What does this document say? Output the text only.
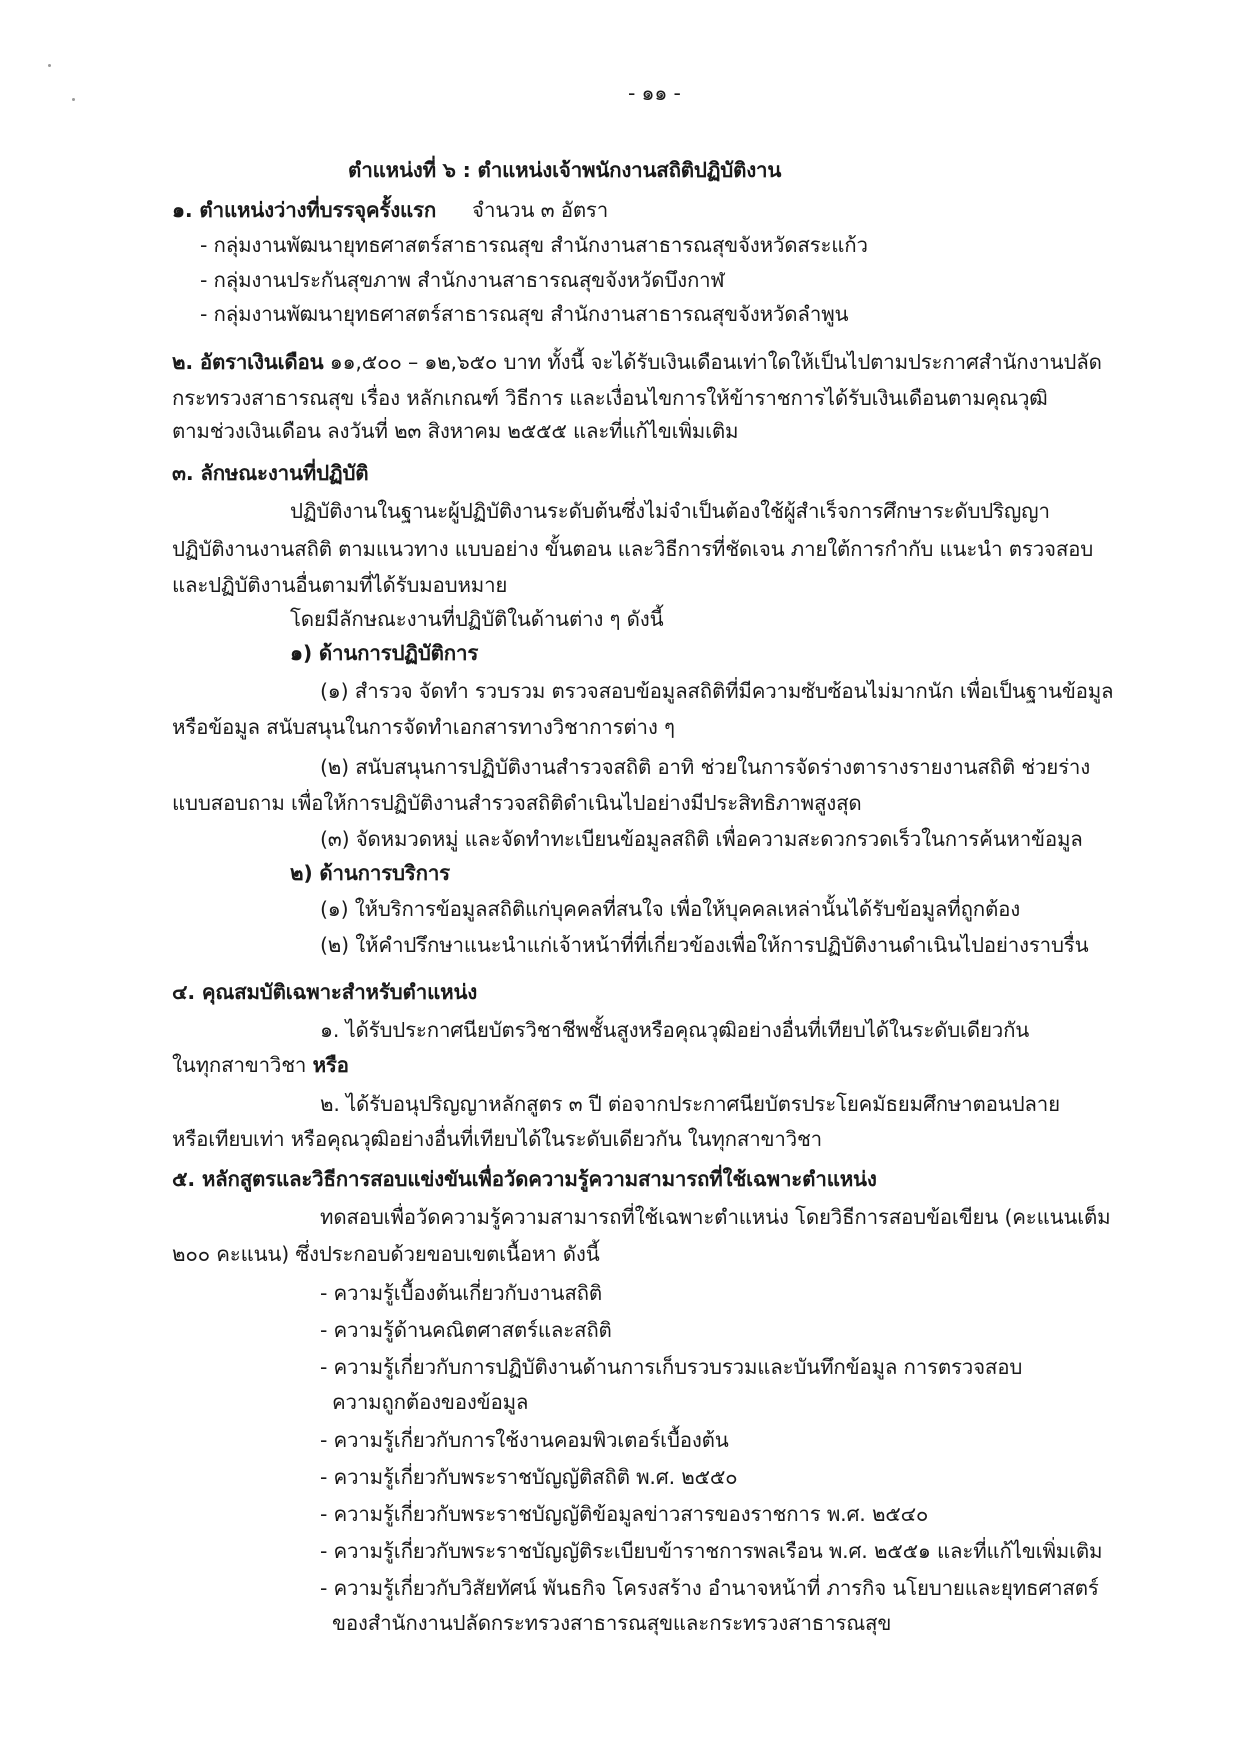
- ๑๑ -
ตำแหน่งที่ ๖ : ตำแหน่งเจ้าพนักงานสถิติปฏิบัติงาน
๑. ตำแหน่งว่างที่บรรจุครั้งแรก จำนวน ๓ อัตรา
- กลุ่มงานพัฒนายุทธศาสตร์สาธารณสุข สำนักงานสาธารณสุขจังหวัดสระแก้ว
- กลุ่มงานประกันสุขภาพ สำนักงานสาธารณสุขจังหวัดบึงกาฬ
- กลุ่มงานพัฒนายุทธศาสตร์สาธารณสุข สำนักงานสาธารณสุขจังหวัดลำพูน
๒. อัตราเงินเดือน ๑๑,๕๐๐ – ๑๒,๖๕๐ บาท ทั้งนี้ จะได้รับเงินเดือนเท่าใดให้เป็นไปตามประกาศสำนักงานปลัด
กระทรวงสาธารณสุข เรื่อง หลักเกณฑ์ วิธีการ และเงื่อนไขการให้ข้าราชการได้รับเงินเดือนตามคุณวุฒิ
ตามช่วงเงินเดือน ลงวันที่ ๒๓ สิงหาคม ๒๕๕๕ และที่แก้ไขเพิ่มเติม
๓. ลักษณะงานที่ปฏิบัติ
ปฏิบัติงานในฐานะผู้ปฏิบัติงานระดับต้นซึ่งไม่จำเป็นต้องใช้ผู้สำเร็จการศึกษาระดับปริญญา
ปฏิบัติงานงานสถิติ ตามแนวทาง แบบอย่าง ขั้นตอน และวิธีการที่ชัดเจน ภายใต้การกำกับ แนะนำ ตรวจสอบ
และปฏิบัติงานอื่นตามที่ได้รับมอบหมาย
โดยมีลักษณะงานที่ปฏิบัติในด้านต่าง ๆ ดังนี้
๑) ด้านการปฏิบัติการ
(๑) สำรวจ จัดทำ รวบรวม ตรวจสอบข้อมูลสถิติที่มีความซับซ้อนไม่มากนัก เพื่อเป็นฐานข้อมูล
หรือข้อมูล สนับสนุนในการจัดทำเอกสารทางวิชาการต่าง ๆ
(๒) สนับสนุนการปฏิบัติงานสำรวจสถิติ อาทิ ช่วยในการจัดร่างตารางรายงานสถิติ ช่วยร่าง
แบบสอบถาม เพื่อให้การปฏิบัติงานสำรวจสถิติดำเนินไปอย่างมีประสิทธิภาพสูงสุด
(๓) จัดหมวดหมู่ และจัดทำทะเบียนข้อมูลสถิติ เพื่อความสะดวกรวดเร็วในการค้นหาข้อมูล
๒) ด้านการบริการ
(๑) ให้บริการข้อมูลสถิติแก่บุคคลที่สนใจ เพื่อให้บุคคลเหล่านั้นได้รับข้อมูลที่ถูกต้อง
(๒) ให้คำปรึกษาแนะนำแก่เจ้าหน้าที่ที่เกี่ยวข้องเพื่อให้การปฏิบัติงานดำเนินไปอย่างราบรื่น
๔. คุณสมบัติเฉพาะสำหรับตำแหน่ง
๑. ได้รับประกาศนียบัตรวิชาชีพชั้นสูงหรือคุณวุฒิอย่างอื่นที่เทียบได้ในระดับเดียวกัน
ในทุกสาขาวิชา หรือ
๒. ได้รับอนุปริญญาหลักสูตร ๓ ปี ต่อจากประกาศนียบัตรประโยคมัธยมศึกษาตอนปลาย
หรือเทียบเท่า หรือคุณวุฒิอย่างอื่นที่เทียบได้ในระดับเดียวกัน ในทุกสาขาวิชา
๕. หลักสูตรและวิธีการสอบแข่งขันเพื่อวัดความรู้ความสามารถที่ใช้เฉพาะตำแหน่ง
ทดสอบเพื่อวัดความรู้ความสามารถที่ใช้เฉพาะตำแหน่ง โดยวิธีการสอบข้อเขียน (คะแนนเต็ม
๒๐๐ คะแนน) ซึ่งประกอบด้วยขอบเขตเนื้อหา ดังนี้
- ความรู้เบื้องต้นเกี่ยวกับงานสถิติ
- ความรู้ด้านคณิตศาสตร์และสถิติ
- ความรู้เกี่ยวกับการปฏิบัติงานด้านการเก็บรวบรวมและบันทึกข้อมูล การตรวจสอบ
ความถูกต้องของข้อมูล
- ความรู้เกี่ยวกับการใช้งานคอมพิวเตอร์เบื้องต้น
- ความรู้เกี่ยวกับพระราชบัญญัติสถิติ พ.ศ. ๒๕๕๐
- ความรู้เกี่ยวกับพระราชบัญญัติข้อมูลข่าวสารของราชการ พ.ศ. ๒๕๔๐
- ความรู้เกี่ยวกับพระราชบัญญัติระเบียบข้าราชการพลเรือน พ.ศ. ๒๕๕๑ และที่แก้ไขเพิ่มเติม
- ความรู้เกี่ยวกับวิสัยทัศน์ พันธกิจ โครงสร้าง อำนาจหน้าที่ ภารกิจ นโยบายและยุทธศาสตร์
ของสำนักงานปลัดกระทรวงสาธารณสุขและกระทรวงสาธารณสุข
